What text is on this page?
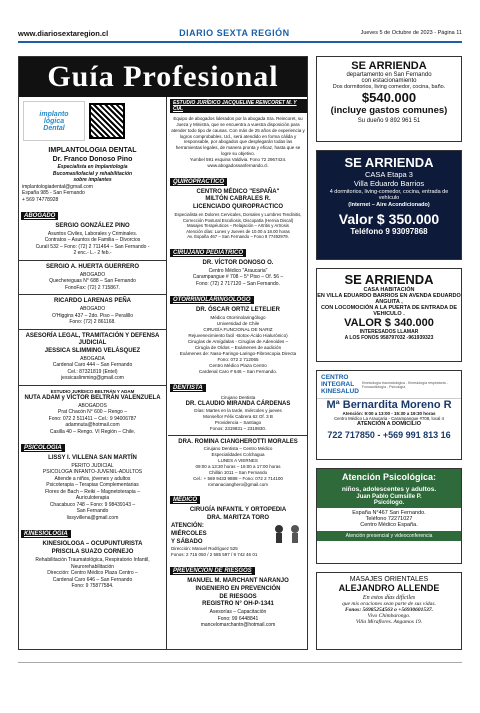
www.diariosextaregion.cl	DIARIO SEXTA REGIÓN	Jueves 5 de Octubre de 2023 - Página 11
Guía Profesional
implanto
lógica
Dental
IMPLANTOLOGIA DENTAL
Dr. Franco Donoso Pino
Especialista en Implantología
Bucomaxilofacial y rehabilitación
sobre implantes
implantologiadental@gmail.com
España 985 - San Fernando
+ 569 74778928
ABOGADO
SERGIO GONZÁLEZ PINO
Asuntos Civiles, Laborales y Criminales.
Contratos – Asuntos de Familia – Divorcios
Curalí 532 – Fono: (72) 2 711464 – San Fernando -
2 enc.- L.- 2 feb.-
SERGIO A. HUERTA GUERRERO
ABOGADO
Quechereguas N° 688 – San Fernando
FonoFax: (72) 2 715867.
RICARDO LARENAS PEÑA
ABOGADO
O'Higgins 437 – 2do. Piso – Peralillo
Fono: (72) 2 861168.
ASESORÍA LEGAL, TRAMITACIÓN Y DEFENSA JUDICIAL
JESSICA SLIMMING VELÁSQUEZ
ABOGADA
Cardenal Caro 444 – San Fernando
Cel.: 87321819 (Entel)
jessicaslimming@gmail.com
ESTUDIO JURÍDICO BELTRÁN Y ADAM
NUTA ADAM y VÍCTOR BELTRÁN VALENZUELA
ABOGADOS
Prat Chacón N° 600 – Rengo –
Fono: 072 2 511411 – Cel.: 9 94006787
adamnuta@hotmail.com
Casilla 40 – Rengo. VI Región – Chile.
PSICOLOGÍA
LISSY I. VILLENA SAN MARTÍN
PERITO JUDICIAL
PSICOLOGA INFANTO-JUVENIL-ADULTOS
Atiende a niños, jóvenes y adultos
Psicoterapia – Terapias Complementarias
Flores de Bach – Reiki – Magnetoterapia –
Auriculoterapia
Chacabuco 748 – Fono: 9 98439143 –
San Fernando
lissyvillena@gmail.com
KINESIOLOGÍA
KINESIOLOGA – OCUPUNTURISTA
PRISCILA SUAZO CORNEJO
Rehabilitación Traumatológica, Respiratorio Infantil,
Neurorehabilitación
Dirección: Centro Médico Plaza Centro –
Cardenal Caro 646 – San Fernando
Fono: 9 75877584.
ESTUDIO JURÍDICO JACQUELINE REINCORET M. Y CÍA.
Equipo de abogados liderados por la abogada Sra. Reincoret, su Jueza y Ministra, que se encuentra a vuestra disposición para atender todo tipo de causas. Con más de 25 años de experiencia y logros comprobables. Ud., será atendido en forma cálida y responsable, por abogados que desplegarán todas las herramientas legales, de manera pronta y eficaz, hasta que se logre su objetivo.
Yumbel 591 esquina Valdivia. Fono 72 2967424.
www.abogadossanfernando.cl.
QUIROPRÁCTICO
CENTRO MÉDICO "ESPAÑA"
MILTÓN CABRALES R.
LICENCIADO QUIROPRACTICO
Especialista en Dolores Cervicales, Dorsales y Lumbres Tendinitis, Corrección Postural Escoliosis, Discopatía (Hernia Discal)
Masajes Terapéuticos – Relajación – Artritis y Artrosis
Atención días: Lunes y Jueves de 10.00 a 18.00 horas
Av. España 467 – San Fernando – Fono 9 77492979.
CIRUJANO PEDIÁTRICO
DR. VÍCTOR DONOSO O.
Centro Médico "Araucaria"
Carampangue # 708 – 5° Piso – Of. 56 –
Fono: (72) 2 717120 – San Fernando.
OTORRINOLARINGÓLOGO
DR. ÓSCAR ORTIZ LETELIER
Médico Otorrinolaringólogo
Universidad de Chile
CIRUGÍA FUNCIONAL DE NARIZ
Rejuvenecimiento facil -Botox-Ácido Hialurónico)
Cirugías de Amígdalas - Cirugías de Adenoides –
Cirugía de Oídos – Exámenes de audición
Exámenes de: Naso-Faringo-Laringo-Fibroscopia Directa
Fono: 072 2 712065
Centro Médico Plaza Centro
Cardenal Caro # 646 – San Fernando.
DENTISTA
Cirujano Dentista
DR. CLAUDIO MIRANDA CÁRDENAS
Días: Martes en la tarde, miércoles y jueves
Monseñor Félix Cabrera 62 Of. 3 B
Providencia – Santiago
Fonos: 2319831 – 2319830.
DRA. ROMINA CIANGHEROTTI MORALES
Cirujano Dentista – Centro Médico
Especialidades Colchagua
LUNES A VIERNES
09:00 a 13:30 horas – 16:00 a 17:00 horas
Chillán 1011 – San Fernando
Cel.: + 569 9433 9888 – Fono: 072 2 714100
romanacianghero@gmail.com
MÉDICO
CIRUGÍA INFANTIL Y ORTOPEDIA
DRA. MARITZA TORO
ATENCIÓN:
MIÉRCOLES
Y SÁBADO
Dirección: Manuel Rodríguez 525
Fonos: 2 715 050 / 2 585 597 / 9 742 46 01
PREVENCIÓN DE RIESGOS
MANUEL M. MARCHANT NARANJO
INGENIERO EN PREVENCIÓN
DE RIESGOS
REGISTRO N° OH-P-1341
Asesorías – Capacitación
Fono: 99 6448841
mancelomarchantn@hotmail.com
SE ARRIENDA
departamento en San Fernando
con estacionamiento
Dos dormitorios, living comedor, cocina, baño.
$540.000
(incluye gastos comunes)
Su dueño 9 892 961 51
SE ARRIENDA
CASA Etapa 3
Villa Eduardo Barrios
4 dormitorios, living-comedor, cocina, entrada de vehículo
(Internet – Aire Acondicionado)
Valor $ 350.000
Teléfono 9 93097868
SE ARRIENDA
CASA HABITACIÓN
EN VILLA EDUARDO BARRIOS EN AVENDA EDUARDO ANGUITA ,
CON LOCOMOCIÓN A LA PUERTA DE ENTRADA DE VEHICULO .
VALOR $ 340.000
INTERESADOS LLAMAR
A LOS FONOS 958797032 -961939323
CENTRO INTEGRAL KINESALUD
Kinesiología traumatológica - Kinesiología respiratoria - Fonoaudiología - Psicología
Mª Bernardita Moreno R
Atención: 9:00 a 13:00 - 15:30 a 19:30 horas
Centro Médico La Araucaria - Carampangue #708, local 4
ATENCIÓN A DOMICILIO
722 717850 - +569 991 813 16
Atención Psicológica:
niños, adolescentes y adultos.
Juan Pablo Cumsille P.
Psicólogo.
España N°467 San Fernando.
Teléfono 72271027
Centro Médico España.
Atención presencial y videoconferencia
MASAJES ORIENTALES
ALEJANDRO ALLENDE
En estos días difíciles
que mis oraciones sean parte de sus vidas.
Fonos: 56985254563 o +56930601537.
Vivo Chimbarongo.
Villa Miraflores. Angamos 19.
